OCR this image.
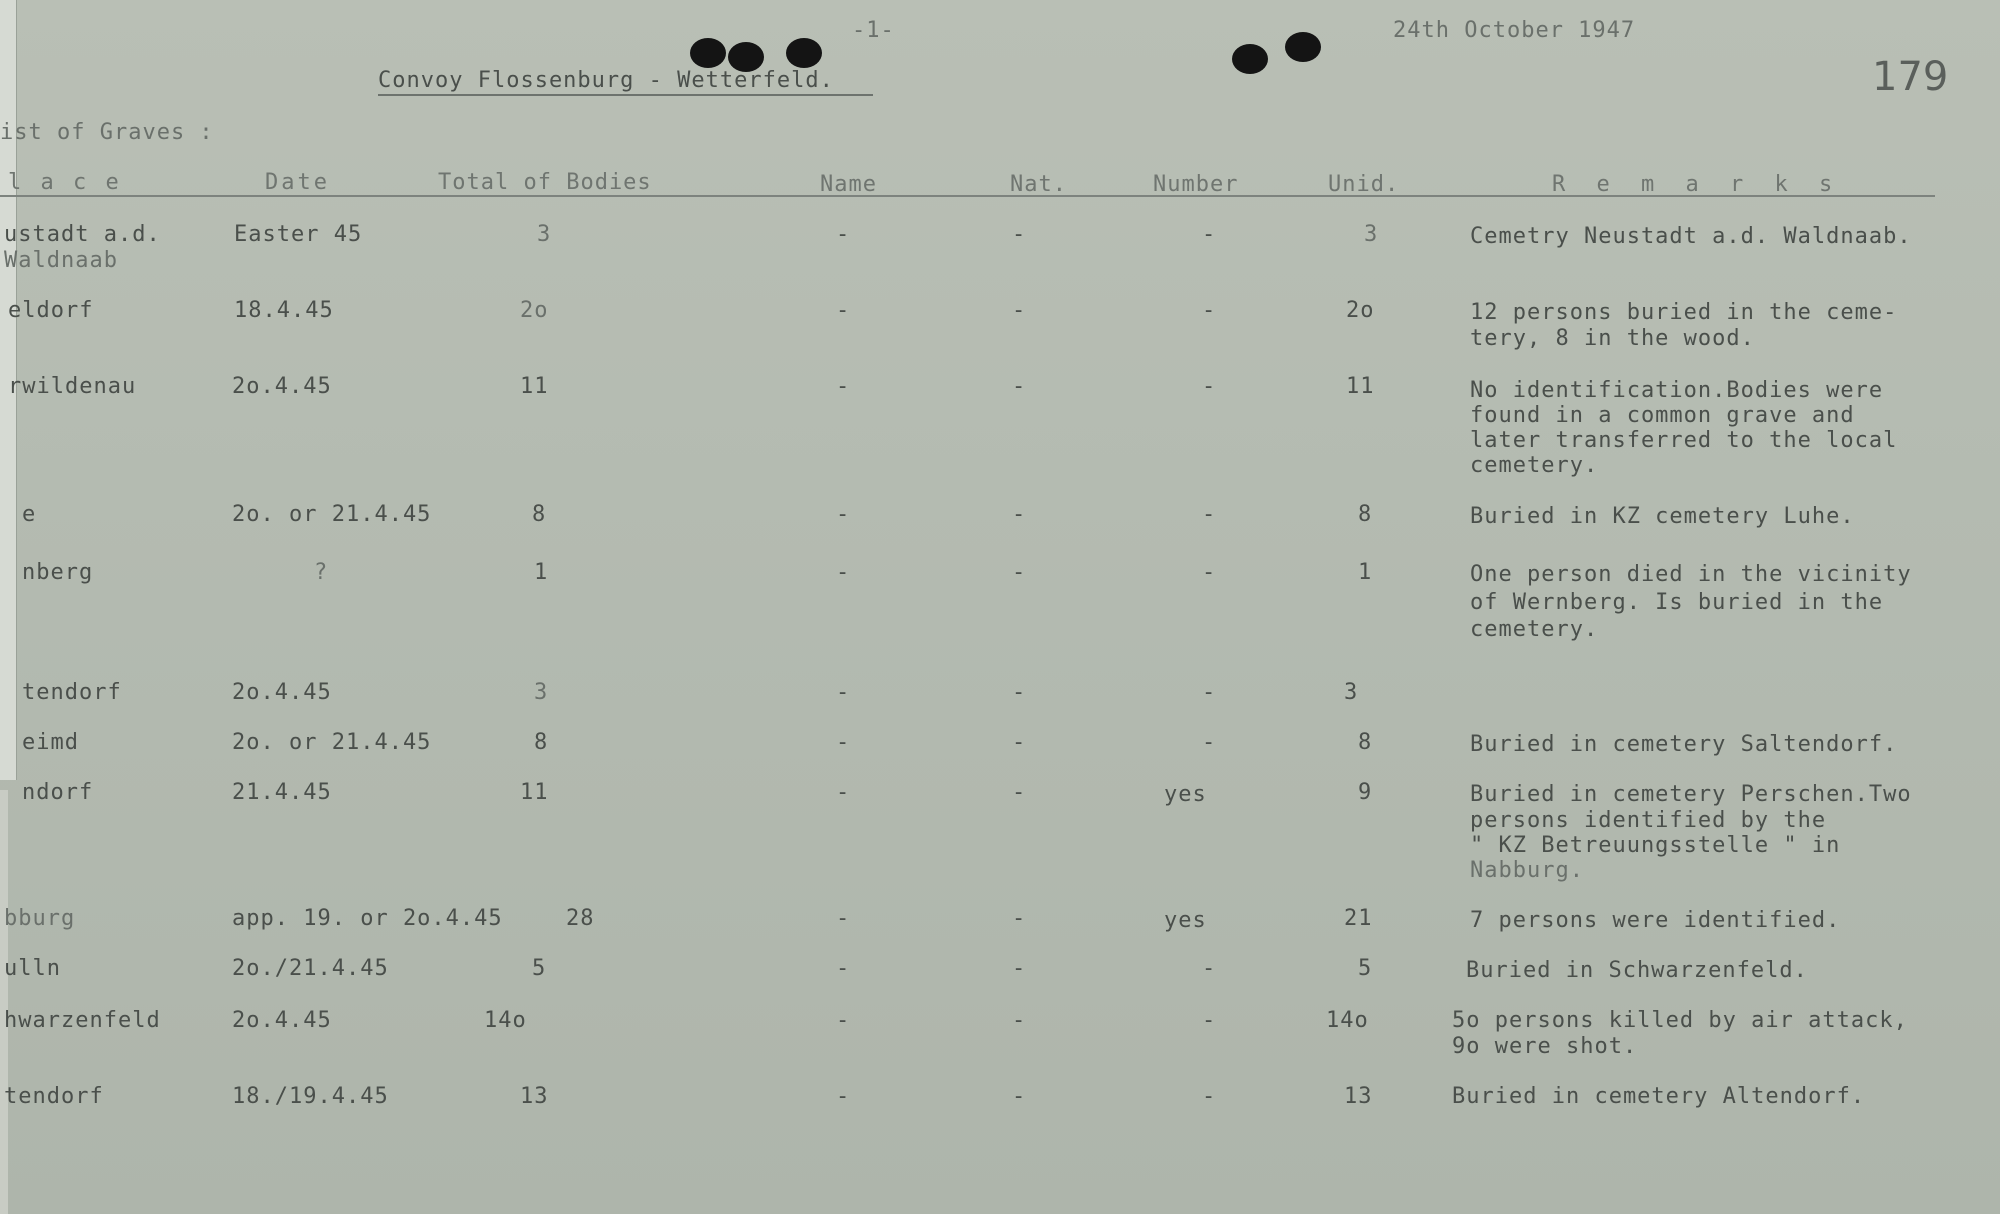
-1-	24th October 1947
179
Convoy Flossenburg - Wetterfeld.
ist of Graves :
l a c e	Date	Total of Bodies	Name	Nat.	Number	Unid.	R e m a r k s
ustadt a.d.
Waldnaab
Easter 45	3	-	-	-	3	Cemetry Neustadt a.d. Waldnaab.
eldorf	18.4.45	2o	-	-	-	2o	12 persons buried in the ceme-
tery, 8 in the wood.
rwildenau	2o.4.45	11	-	-	-	11	No identification.Bodies were
found in a common grave and
later transferred to the local
cemetery.
e	2o. or 21.4.45	8	-	-	-	8	Buried in KZ cemetery Luhe.
nberg	?	1	-	-	-	1	One person died in the vicinity
of Wernberg. Is buried in the
cemetery.
tendorf	2o.4.45	3	-	-	-	3
eimd	2o. or 21.4.45	8	-	-	-	8	Buried in cemetery Saltendorf.
ndorf	21.4.45	11	-	-	yes	9	Buried in cemetery Perschen.Two
persons identified by the
" KZ Betreuungsstelle " in
Nabburg.
bburg	app. 19. or 2o.4.45	28	-	-	yes	21	7 persons were identified.
ulln	2o./21.4.45	5	-	-	-	5	Buried in Schwarzenfeld.
hwarzenfeld	2o.4.45	14o	-	-	-	14o	5o persons killed by air attack,
9o were shot.
tendorf	18./19.4.45	13	-	-	-	13	Buried in cemetery Altendorf.
